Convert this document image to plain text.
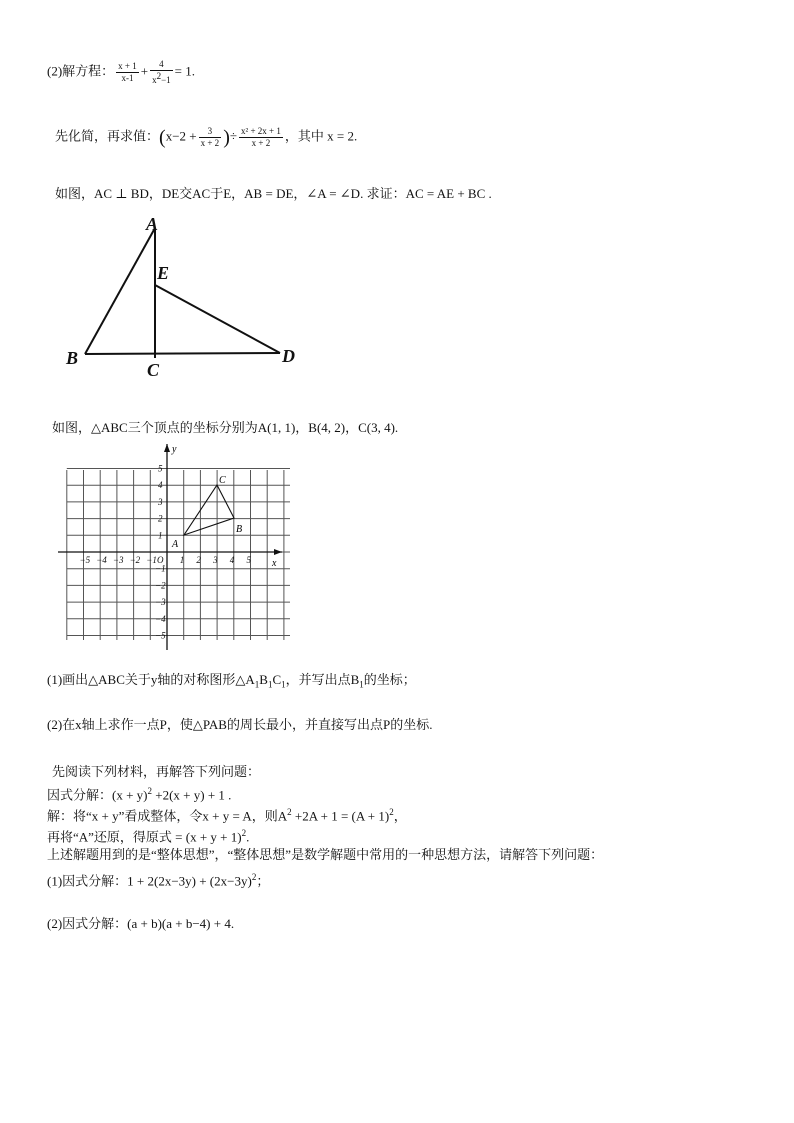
(2)解方程： $\frac{x + 1}{x-1} + \frac{4}{x^2-1} = 1$.
先化简，再求值：($x-2 + \frac{3}{x + 2}$ )÷ $\frac{\text{x² + 2x + 1}}{x + 2}$ ，其中 x = 2.
如图，AC ⊥ BD，DE交AC于E，AB = DE，∠A = ∠D. 求证：AC = AE + BC .
A
E
B
C
D
如图，△ABC三个顶点的坐标分别为A(1, 1)，B(4, 2)，C(3, 4).
−5 −4 −3 −2 −1 O 1 2 3 4 5
1
2
3
4
5
−1
−2
−3
−4
−5
x
y
A
B
C
(1)画出△ABC关于y轴的对称图形$\triangle A_1B_1C_1$，并写出点$B_1$的坐标；
(2)在x轴上求作一点P，使△PAB的周长最小，并直接写出点P的坐标.
先阅读下列材料，再解答下列问题：
因式分解：$(x + y)^2 +2(x + y) + 1$ .
解：将“x + y”看成整体，令x + y = A，则$A^2 +2A + 1 = (A + 1)^2$，
再将“A”还原，得原式 = $(x + y + 1)^2$.
上述解题用到的是“整体思想”，“整体思想”是数学解题中常用的一种思想方法，请解答下列问题：
(1)因式分解：$1 + 2(2x-3y) + (2x-3y)^2$；
(2)因式分解：(a + b)(a + b−4) + 4.
